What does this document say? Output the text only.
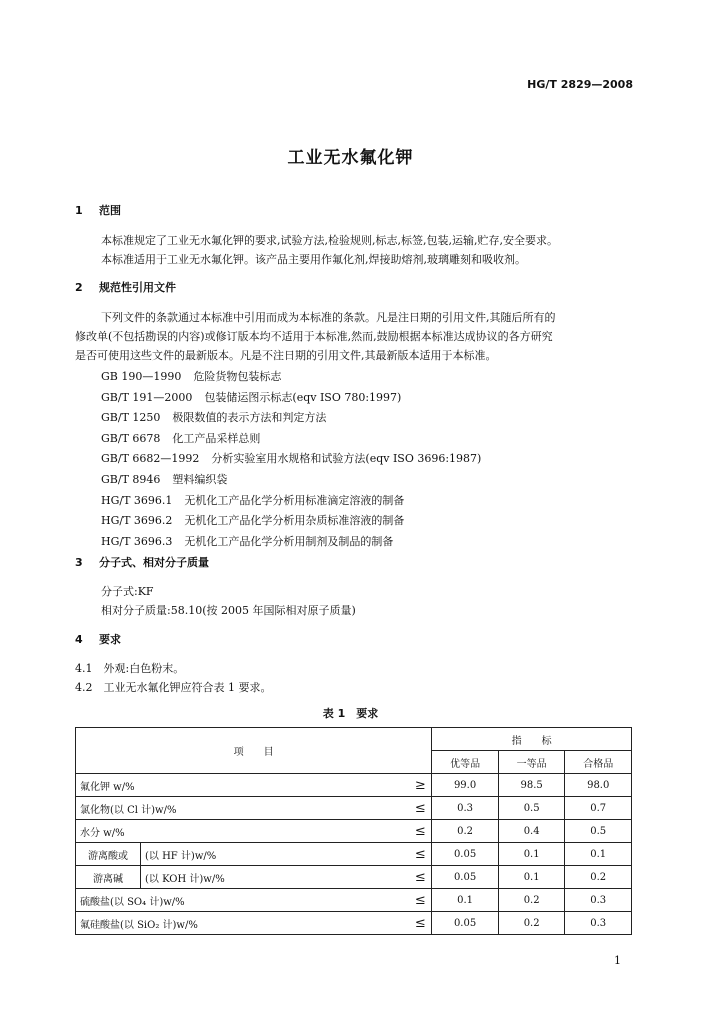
HG/T 2829—2008
工业无水氟化钾
1 范围
本标准规定了工业无水氟化钾的要求,试验方法,检验规则,标志,标签,包装,运输,贮存,安全要求。
本标准适用于工业无水氟化钾。该产品主要用作氟化剂,焊接助熔剂,玻璃雕刻和吸收剂。
2 规范性引用文件
下列文件的条款通过本标准中引用而成为本标准的条款。凡是注日期的引用文件,其随后所有的
修改单(不包括勘误的内容)或修订版本均不适用于本标准,然而,鼓励根据本标准达成协议的各方研究
是否可使用这些文件的最新版本。凡是不注日期的引用文件,其最新版本适用于本标准。
GB 190—1990 危险货物包装标志
GB/T 191—2000 包装储运图示标志(eqv ISO 780:1997)
GB/T 1250 极限数值的表示方法和判定方法
GB/T 6678 化工产品采样总则
GB/T 6682—1992 分析实验室用水规格和试验方法(eqv ISO 3696:1987)
GB/T 8946 塑料编织袋
HG/T 3696.1 无机化工产品化学分析用标准滴定溶液的制备
HG/T 3696.2 无机化工产品化学分析用杂质标准溶液的制备
HG/T 3696.3 无机化工产品化学分析用制剂及制品的制备
3 分子式、相对分子质量
分子式:KF
相对分子质量:58.10(按 2005 年国际相对原子质量)
4 要求
4.1　外观:白色粉末。
4.2　工业无水氟化钾应符合表 1 要求。
表 1　要求
项　　目			指　　标		
			优等品	一等品	合格品
氟化钾 w/%		≥	99.0	98.5	98.0
氯化物(以 Cl 计)w/%		≤	0.3	0.5	0.7
水分 w/%		≤	0.2	0.4	0.5
游离酸或	(以 HF 计)w/%	≤	0.05	0.1	0.1
游离碱	(以 KOH 计)w/%	≤	0.05	0.1	0.2
硫酸盐(以 SO₄ 计)w/%		≤	0.1	0.2	0.3
氟硅酸盐(以 SiO₂ 计)w/%		≤	0.05	0.2	0.3
1
